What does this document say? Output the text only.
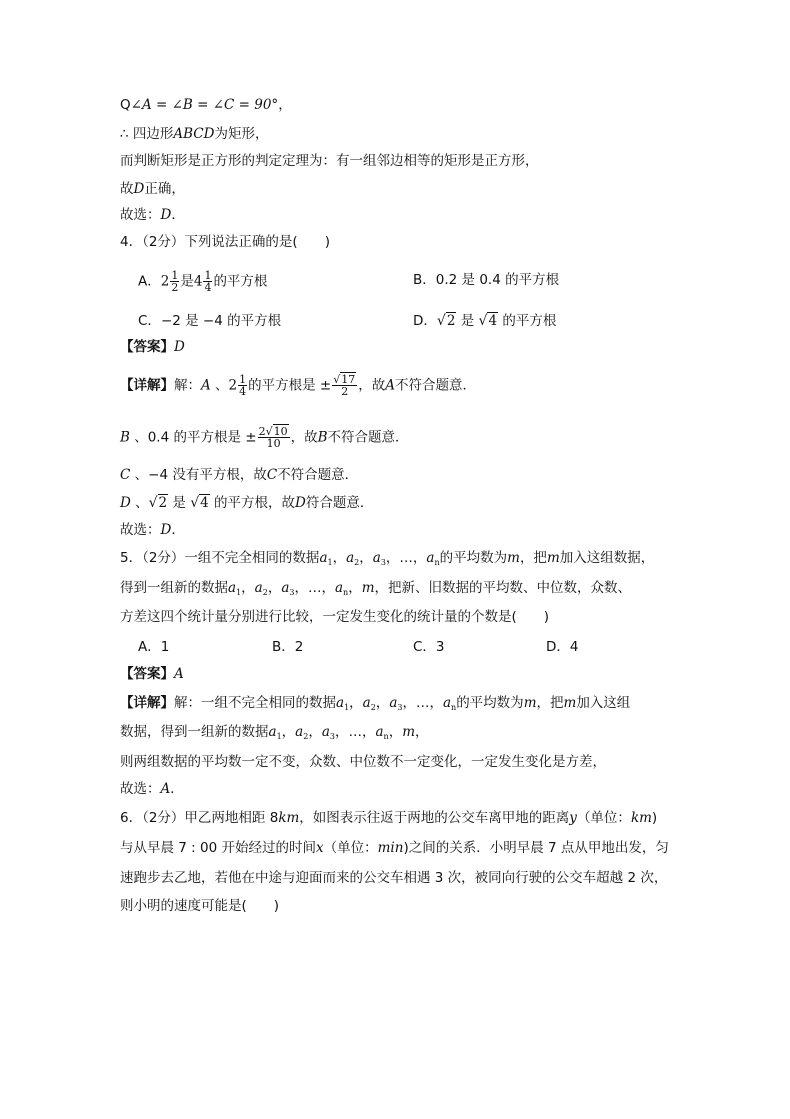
Q∠A = ∠B = ∠C = 90°，
∴ 四边形ABCD为矩形，
而判断矩形是正方形的判定定理为：有一组邻边相等的矩形是正方形，
故D正确，
故选：D．
4．（2分）下列说法正确的是(　　)
A．$2 \frac{1}{2}$ 是$4 \frac{1}{4}$ 的平方根	B．0.2 是 0.4 的平方根
C．−2 是 −4 的平方根	D．√2 是 √4 的平方根
【答案】D
【详解】解：A 、$2 \frac{1}{4}$ 的平方根是 ± $\frac{√17}{2}$ ，故A不符合题意．
B 、0.4 的平方根是 ± $\frac{2√10}{10}$ ，故B不符合题意．
C 、−4 没有平方根，故C不符合题意．
D 、√2 是 √4 的平方根，故D符合题意．
故选：D．
5．（2分）一组不完全相同的数据$a_1$，$a_2$，$a_3$，…，$a_n$的平均数为m，把m加入这组数据，
得到一组新的数据$a_1$，$a_2$，$a_3$，…，$a_n$，m，把新、旧数据的平均数、中位数，众数、
方差这四个统计量分别进行比较，一定发生变化的统计量的个数是(　　)
A．1	B．2	C．3	D．4
【答案】A
【详解】解：一组不完全相同的数据$a_1$，$a_2$，$a_3$，…，$a_n$的平均数为m，把m加入这组
数据，得到一组新的数据$a_1$，$a_2$，$a_3$，…，$a_n$，m，
则两组数据的平均数一定不变，众数、中位数不一定变化，一定发生变化是方差，
故选：A．
6．（2分）甲乙两地相距 8km，如图表示往返于两地的公交车离甲地的距离y（单位：km)
与从早晨 7 : 00 开始经过的时间x（单位：min)之间的关系．小明早晨 7 点从甲地出发，匀
速跑步去乙地，若他在中途与迎面而来的公交车相遇 3 次，被同向行驶的公交车超越 2 次，
则小明的速度可能是(　　)
